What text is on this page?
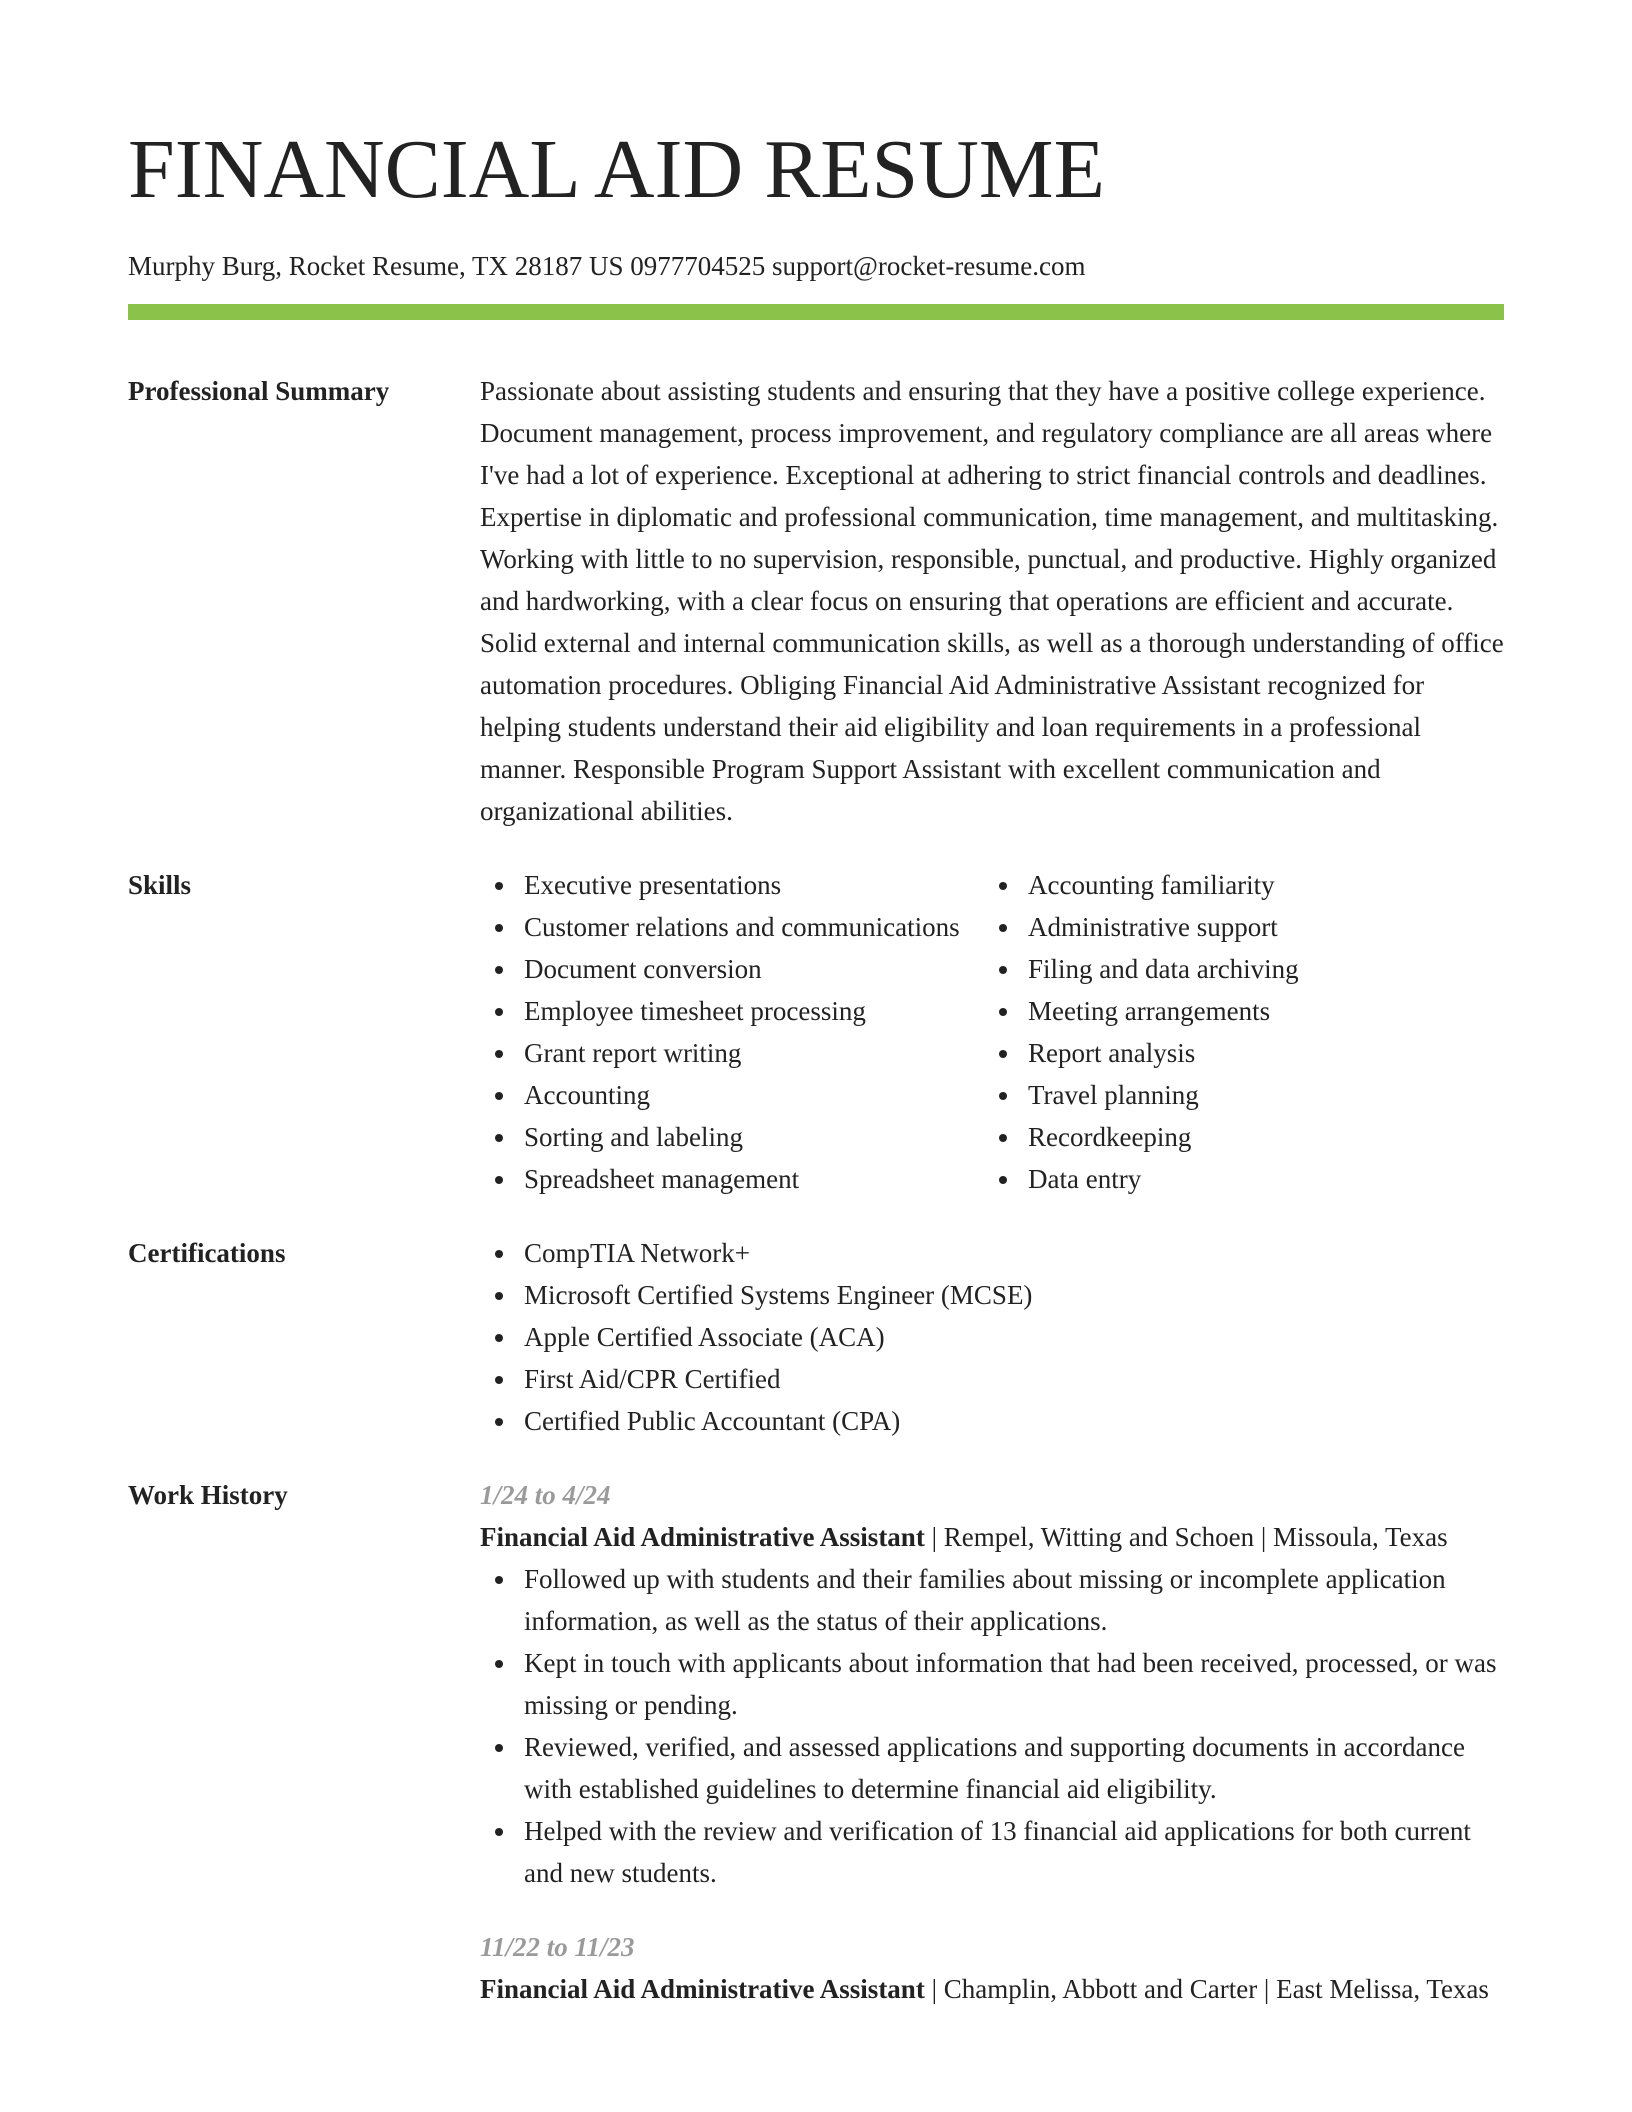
FINANCIAL AID RESUME
Murphy Burg, Rocket Resume, TX 28187 US 0977704525 support@rocket-resume.com
Professional Summary	Passionate about assisting students and ensuring that they have a positive college experience. Document management, process improvement, and regulatory compliance are all areas where I've had a lot of experience. Exceptional at adhering to strict financial controls and deadlines. Expertise in diplomatic and professional communication, time management, and multitasking. Working with little to no supervision, responsible, punctual, and productive. Highly organized and hardworking, with a clear focus on ensuring that operations are efficient and accurate. Solid external and internal communication skills, as well as a thorough understanding of office automation procedures. Obliging Financial Aid Administrative Assistant recognized for helping students understand their aid eligibility and loan requirements in a professional manner. Responsible Program Support Assistant with excellent communication and organizational abilities.

Skills	Executive presentations
Customer relations and communications
Document conversion
Employee timesheet processing
Grant report writing
Accounting
Sorting and labeling
Spreadsheet management
Accounting familiarity
Administrative support
Filing and data archiving
Meeting arrangements
Report analysis
Travel planning
Recordkeeping
Data entry
Certifications	CompTIA Network+
Microsoft Certified Systems Engineer (MCSE)
Apple Certified Associate (ACA)
First Aid/CPR Certified
Certified Public Accountant (CPA)
Work History	1/24 to 4/24

Financial Aid Administrative Assistant | Rempel, Witting and Schoen | Missoula, Texas

Followed up with students and their families about missing or incomplete application information, as well as the status of their applications.
Kept in touch with applicants about information that had been received, processed, or was missing or pending.
Reviewed, verified, and assessed applications and supporting documents in accordance with established guidelines to determine financial aid eligibility.
Helped with the review and verification of 13 financial aid applications for both current and new students.
11/22 to 11/23

Financial Aid Administrative Assistant | Champlin, Abbott and Carter | East Melissa, Texas
